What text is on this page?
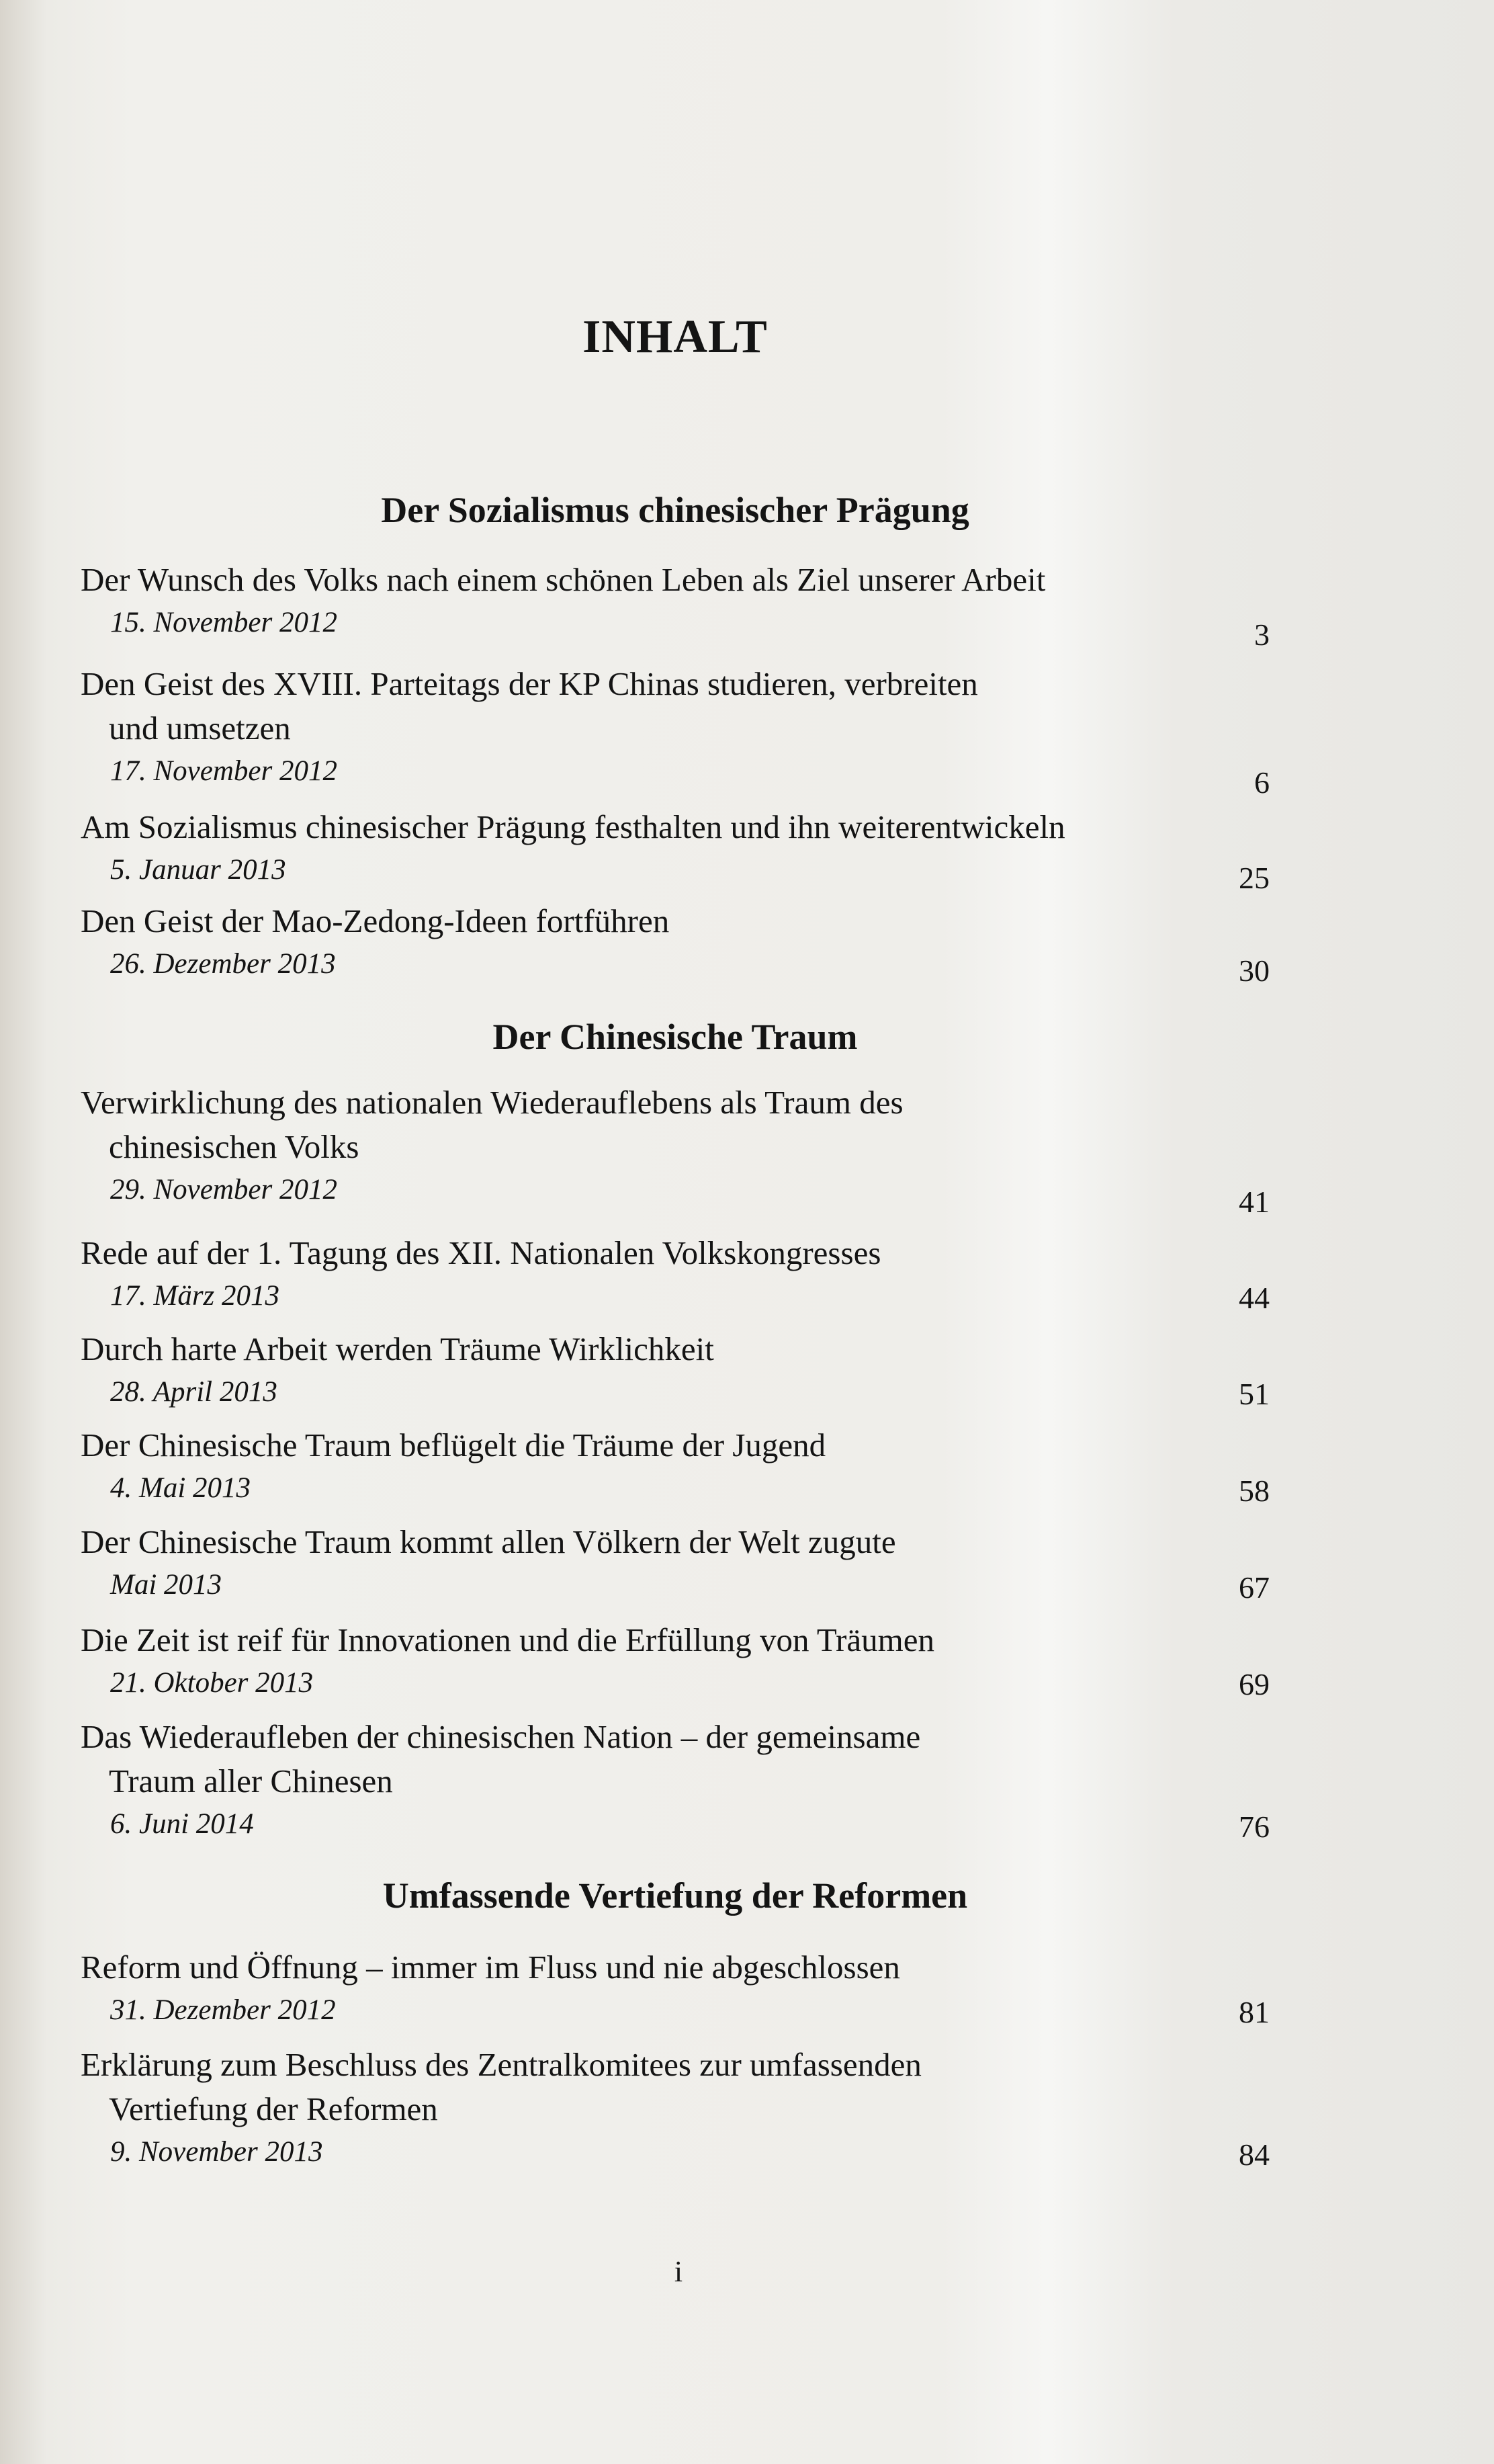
INHALT
Der Sozialismus chinesischer Prägung
Der Wunsch des Volks nach einem schönen Leben als Ziel unserer Arbeit
15. November 2012	3
Den Geist des XVIII. Parteitags der KP Chinas studieren, verbreiten
und umsetzen
17. November 2012	6
Am Sozialismus chinesischer Prägung festhalten und ihn weiterentwickeln
5. Januar 2013	25
Den Geist der Mao-Zedong-Ideen fortführen
26. Dezember 2013	30
Der Chinesische Traum
Verwirklichung des nationalen Wiederauflebens als Traum des
chinesischen Volks
29. November 2012	41
Rede auf der 1. Tagung des XII. Nationalen Volkskongresses
17. März 2013	44
Durch harte Arbeit werden Träume Wirklichkeit
28. April 2013	51
Der Chinesische Traum beflügelt die Träume der Jugend
4. Mai 2013	58
Der Chinesische Traum kommt allen Völkern der Welt zugute
Mai 2013	67
Die Zeit ist reif für Innovationen und die Erfüllung von Träumen
21. Oktober 2013	69
Das Wiederaufleben der chinesischen Nation – der gemeinsame
Traum aller Chinesen
6. Juni 2014	76
Umfassende Vertiefung der Reformen
Reform und Öffnung – immer im Fluss und nie abgeschlossen
31. Dezember 2012	81
Erklärung zum Beschluss des Zentralkomitees zur umfassenden
Vertiefung der Reformen
9. November 2013	84
i
